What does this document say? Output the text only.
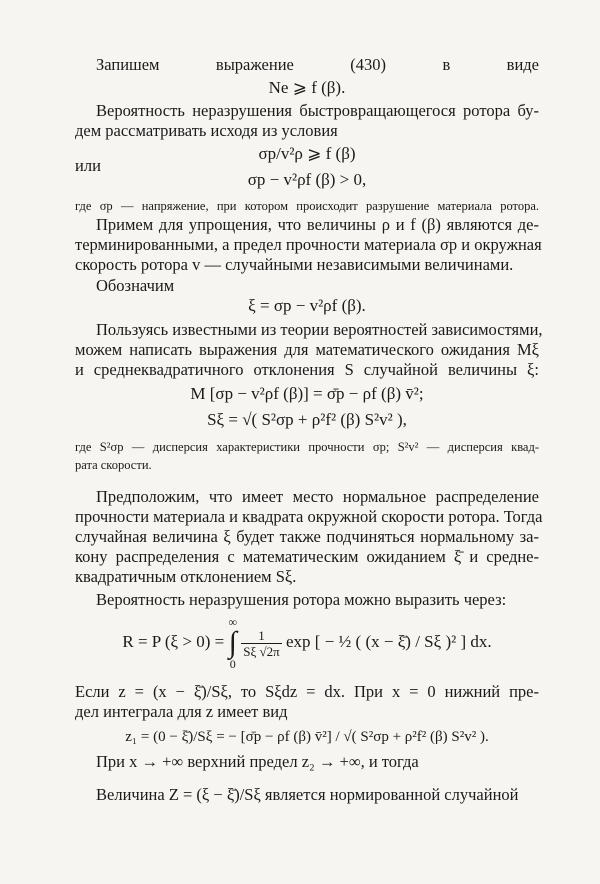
Запишем выражение (430) в виде
Ne ⩾ f (β).
Вероятность неразрушения быстровращающегося ротора бу-
дем рассматривать исходя из условия
σp/v²ρ ⩾ f (β)
или
σp − v²ρf (β) > 0,
где σp — напряжение, при котором происходит разрушение материала ротора.
Примем для упрощения, что величины ρ и f (β) являются де-
терминированными, а предел прочности материала σp и окружная
скорость ротора v — случайными независимыми величинами.
Обозначим
ξ = σp − v²ρf (β).
Пользуясь известными из теории вероятностей зависимостями,
можем написать выражения для математического ожидания Mξ
и среднеквадратичного отклонения S случайной величины ξ:
M [σp − v²ρf (β)] = σ̄p − ρf (β) v̄²;
Sξ = √( S²σp + ρ²f² (β) S²v² ),
где S²σp — дисперсия характеристики прочности σp; S²v² — дисперсия квад-
рата скорости.
Предположим, что имеет место нормальное распределение
прочности материала и квадрата окружной скорости ротора. Тогда
случайная величина ξ будет также подчиняться нормальному за-
кону распределения с математическим ожиданием ξ̄ и средне-
квадратичным отклонением Sξ.
Вероятность неразрушения ротора можно выразить через:
R = P (ξ > 0) = ∞
∫
0
$\frac{1}{S\xi √2\pi}$ exp [ − ½ ( (x − ξ̄) / Sξ )² ] dx.
Если z = (x − ξ̄)/Sξ, то Sξdz = dx. При x = 0 нижний пре-
дел интеграла для z имеет вид
z₁ = (0 − ξ̄)/Sξ = − [σ̄p − ρf (β) v̄²] / √( S²σp + ρ²f² (β) S²v² ).
При x → +∞ верхний предел z₂ → +∞, и тогда
Величина Z = (ξ − ξ̄)/Sξ является нормированной случайной
